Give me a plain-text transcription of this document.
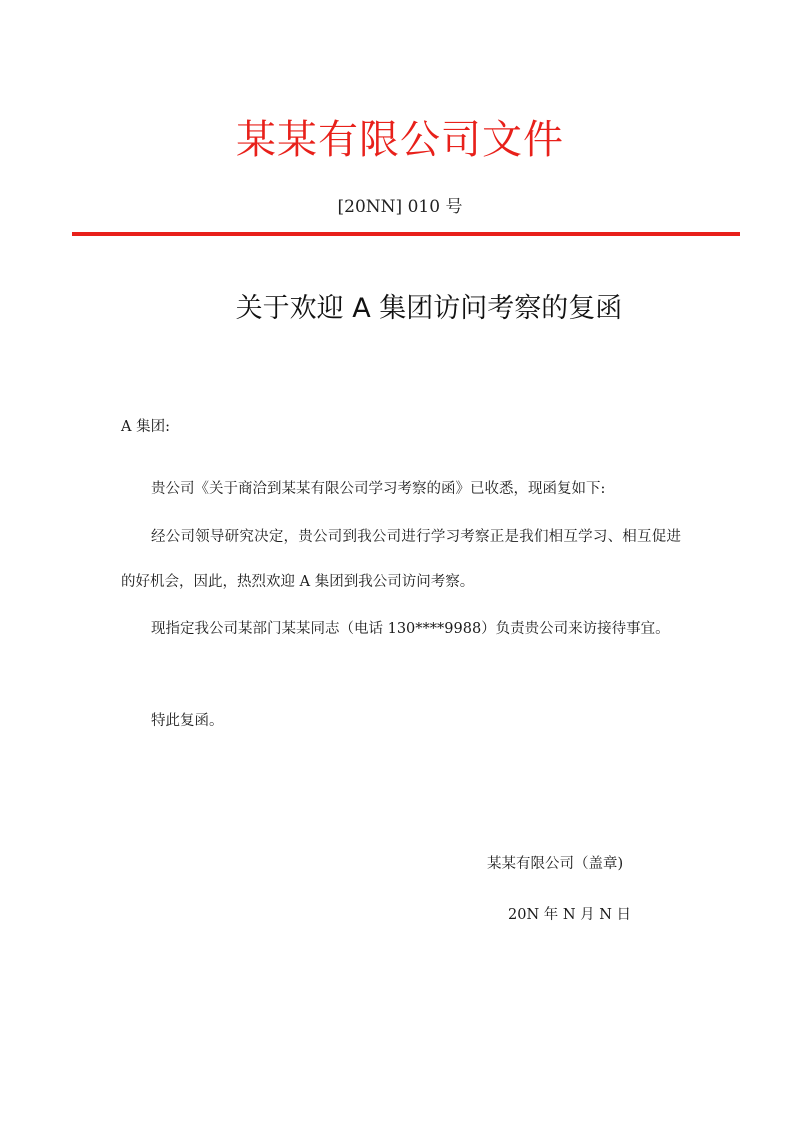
某某有限公司文件
[20NN] 010 号
关于欢迎 A 集团访问考察的复函
A 集团:

贵公司《关于商洽到某某有限公司学习考察的函》已收悉，现函复如下:

经公司领导研究决定，贵公司到我公司进行学习考察正是我们相互学习、相互促进的好机会，因此，热烈欢迎 A 集团到我公司访问考察。

现指定我公司某部门某某同志（电话 130****9988）负责贵公司来访接待事宜。

特此复函。

某某有限公司（盖章)
20N 年 N 月 N 日
